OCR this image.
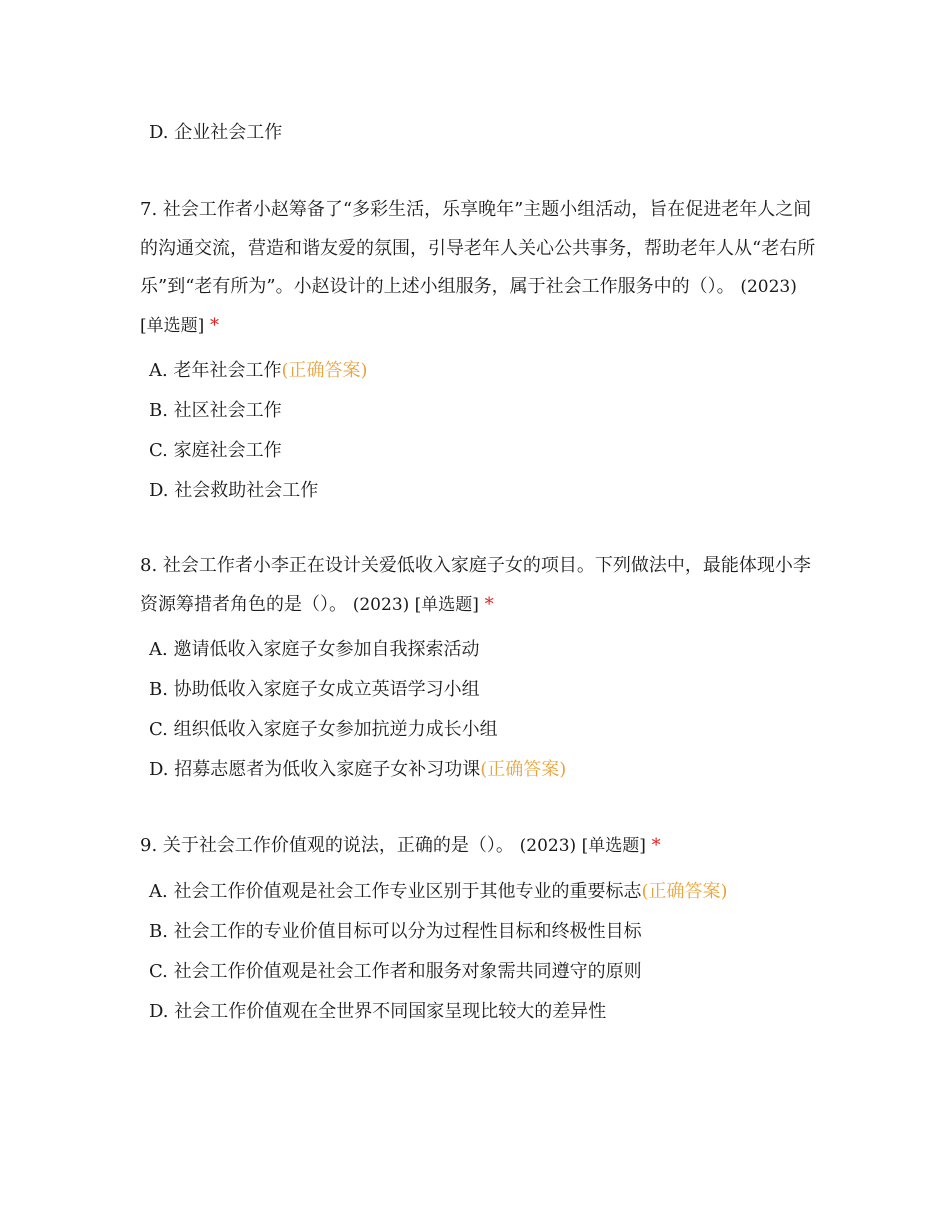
D. 企业社会工作

7. 社会工作者小赵筹备了“多彩生活，乐享晚年”主题小组活动，旨在促进老年人之间的沟通交流，营造和谐友爱的氛围，引导老年人关心公共事务，帮助老年人从“老右所乐”到“老有所为”。小赵设计的上述小组服务，属于社会工作服务中的（）。 (2023) [单选题] *

A. 老年社会工作(正确答案)
B. 社区社会工作
C. 家庭社会工作
D. 社会救助社会工作

8. 社会工作者小李正在设计关爱低收入家庭子女的项目。下列做法中，最能体现小李资源筹措者角色的是（）。 (2023) [单选题] *

A. 邀请低收入家庭子女参加自我探索活动
B. 协助低收入家庭子女成立英语学习小组
C. 组织低收入家庭子女参加抗逆力成长小组
D. 招募志愿者为低收入家庭子女补习功课(正确答案)

9. 关于社会工作价值观的说法，正确的是（）。 (2023) [单选题] *

A. 社会工作价值观是社会工作专业区别于其他专业的重要标志(正确答案)
B. 社会工作的专业价值目标可以分为过程性目标和终极性目标
C. 社会工作价值观是社会工作者和服务对象需共同遵守的原则
D. 社会工作价值观在全世界不同国家呈现比较大的差异性
